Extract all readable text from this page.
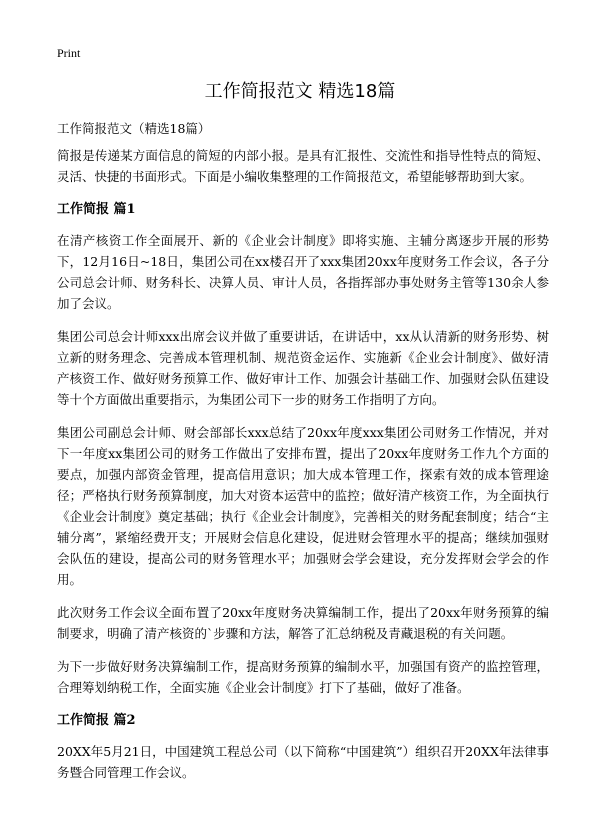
Print
工作简报范文 精选18篇
工作简报范文（精选18篇）

简报是传递某方面信息的简短的内部小报。是具有汇报性、交流性和指导性特点的简短、灵活、快捷的书面形式。下面是小编收集整理的工作简报范文，希望能够帮助到大家。

工作简报 篇1

在清产核资工作全面展开、新的《企业会计制度》即将实施、主辅分离逐步开展的形势下，12月16日~18日，集团公司在xx楼召开了xxx集团20xx年度财务工作会议，各子分公司总会计师、财务科长、决算人员、审计人员，各指挥部办事处财务主管等130余人参加了会议。

集团公司总会计师xxx出席会议并做了重要讲话，在讲话中，xx从认清新的财务形势、树立新的财务理念、完善成本管理机制、规范资金运作、实施新《企业会计制度》、做好清产核资工作、做好财务预算工作、做好审计工作、加强会计基础工作、加强财会队伍建设等十个方面做出重要指示，为集团公司下一步的财务工作指明了方向。

集团公司副总会计师、财会部部长xxx总结了20xx年度xxx集团公司财务工作情况，并对下一年度xx集团公司的财务工作做出了安排布置，提出了20xx年度财务工作九个方面的要点，加强内部资金管理，提高信用意识；加大成本管理工作，探索有效的成本管理途径；严格执行财务预算制度，加大对资本运营中的监控；做好清产核资工作，为全面执行《企业会计制度》奠定基础；执行《企业会计制度》，完善相关的财务配套制度；结合“主辅分离”，紧缩经费开支；开展财会信息化建设，促进财会管理水平的提高；继续加强财会队伍的建设，提高公司的财务管理水平；加强财会学会建设，充分发挥财会学会的作用。

此次财务工作会议全面布置了20xx年度财务决算编制工作，提出了20xx年财务预算的编制要求，明确了清产核资的`步骤和方法，解答了汇总纳税及青藏退税的有关问题。

为下一步做好财务决算编制工作，提高财务预算的编制水平，加强国有资产的监控管理，合理筹划纳税工作，全面实施《企业会计制度》打下了基础，做好了准备。

工作简报 篇2

20XX年5月21日，中国建筑工程总公司（以下简称“中国建筑”）组织召开20XX年法律事务暨合同管理工作会议。
